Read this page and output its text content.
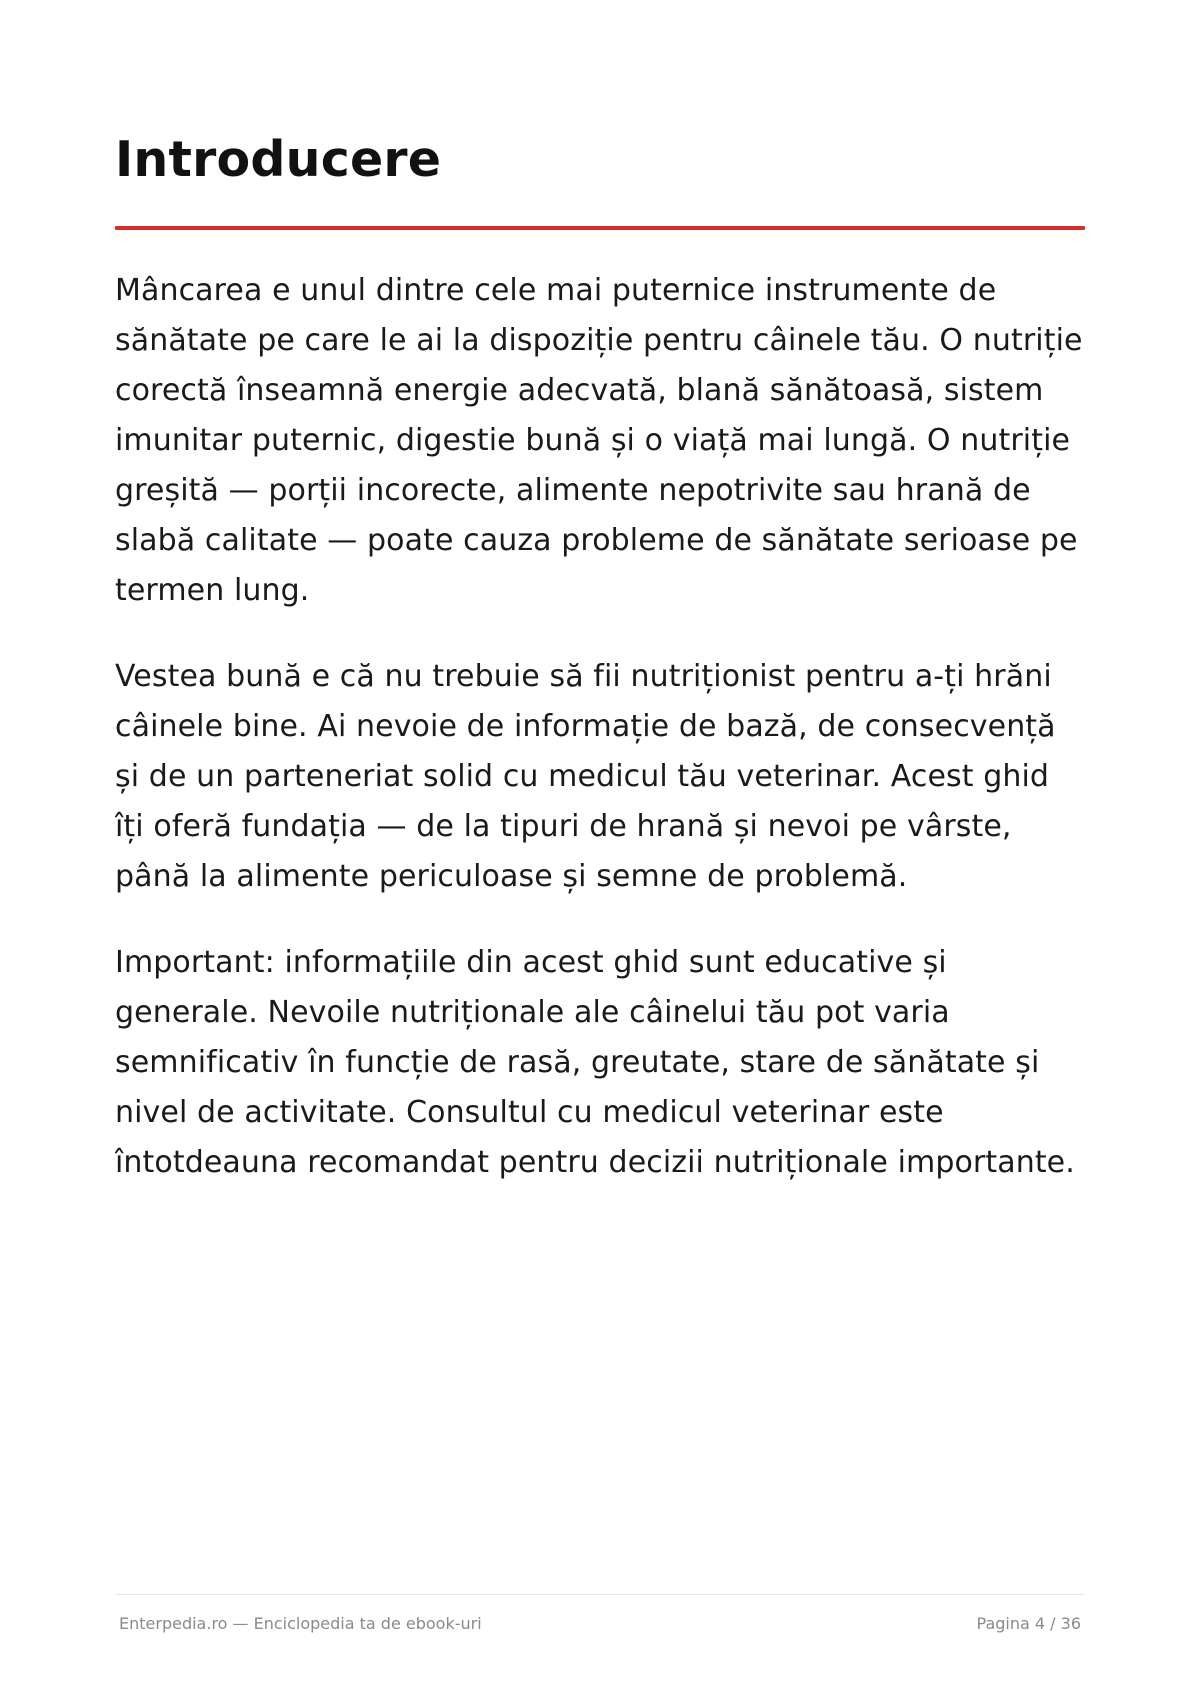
Introducere

Mâncarea e unul dintre cele mai puternice instrumente de sănătate pe care le ai la dispoziție pentru câinele tău. O nutriție corectă înseamnă energie adecvată, blană sănătoasă, sistem imunitar puternic, digestie bună și o viață mai lungă. O nutriție greșită — porții incorecte, alimente nepotrivite sau hrană de slabă calitate — poate cauza probleme de sănătate serioase pe termen lung.

Vestea bună e că nu trebuie să fii nutriționist pentru a-ți hrăni câinele bine. Ai nevoie de informație de bază, de consecvență și de un parteneriat solid cu medicul tău veterinar. Acest ghid îți oferă fundația — de la tipuri de hrană și nevoi pe vârste, până la alimente periculoase și semne de problemă.

Important: informațiile din acest ghid sunt educative și generale. Nevoile nutriționale ale câinelui tău pot varia semnificativ în funcție de rasă, greutate, stare de sănătate și nivel de activitate. Consultul cu medicul veterinar este întotdeauna recomandat pentru decizii nutriționale importante.

Enterpedia.ro — Enciclopedia ta de ebook-uri	Pagina 4 / 36
